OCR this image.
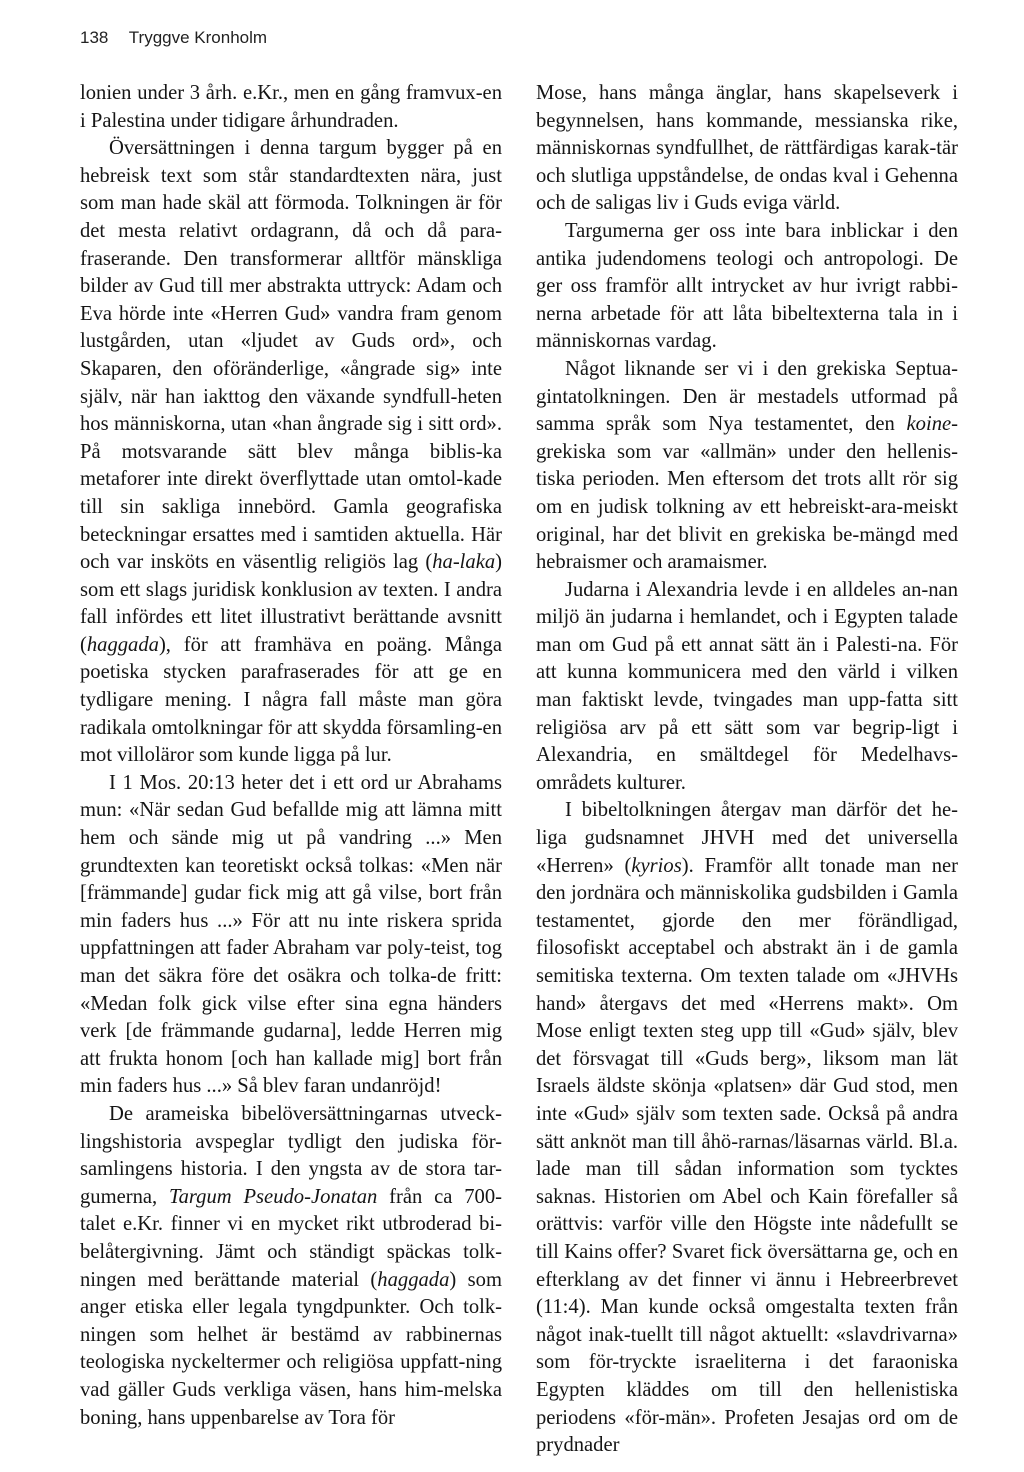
138 Tryggve Kronholm

lonien under 3 årh. e.Kr., men en gång framvux-en i Palestina under tidigare århundraden.

Översättningen i denna targum bygger på en hebreisk text som står standardtexten nära, just som man hade skäl att förmoda. Tolkningen är för det mesta relativt ordagrann, då och då para-fraserande. Den transformerar alltför mänskliga bilder av Gud till mer abstrakta uttryck: Adam och Eva hörde inte «Herren Gud» vandra fram genom lustgården, utan «ljudet av Guds ord», och Skaparen, den oföränderlige, «ångrade sig» inte själv, när han iakttog den växande syndfull-heten hos människorna, utan «han ångrade sig i sitt ord». På motsvarande sätt blev många biblis-ka metaforer inte direkt överflyttade utan omtol-kade till sin sakliga innebörd. Gamla geografiska beteckningar ersattes med i samtiden aktuella. Här och var insköts en väsentlig religiös lag (ha-laka) som ett slags juridisk konklusion av texten. I andra fall infördes ett litet illustrativt berättande avsnitt (haggada), för att framhäva en poäng. Många poetiska stycken parafraserades för att ge en tydligare mening. I några fall måste man göra radikala omtolkningar för att skydda församling-en mot villoläror som kunde ligga på lur.

I 1 Mos. 20:13 heter det i ett ord ur Abrahams mun: «När sedan Gud befallde mig att lämna mitt hem och sände mig ut på vandring ...» Men grundtexten kan teoretiskt också tolkas: «Men när [främmande] gudar fick mig att gå vilse, bort från min faders hus ...» För att nu inte riskera sprida uppfattningen att fader Abraham var poly-teist, tog man det säkra före det osäkra och tolka-de fritt: «Medan folk gick vilse efter sina egna händers verk [de främmande gudarna], ledde Herren mig att frukta honom [och han kallade mig] bort från min faders hus ...» Så blev faran undanröjd!

De arameiska bibelöversättningarnas utveck-lingshistoria avspeglar tydligt den judiska för-samlingens historia. I den yngsta av de stora tar-gumerna, Targum Pseudo-Jonatan från ca 700-talet e.Kr. finner vi en mycket rikt utbroderad bi-belåtergivning. Jämt och ständigt späckas tolk-ningen med berättande material (haggada) som anger etiska eller legala tyngdpunkter. Och tolk-ningen som helhet är bestämd av rabbinernas teologiska nyckeltermer och religiösa uppfatt-ning vad gäller Guds verkliga väsen, hans him-melska boning, hans uppenbarelse av Tora för

Mose, hans många änglar, hans skapelseverk i begynnelsen, hans kommande, messianska rike, människornas syndfullhet, de rättfärdigas karak-tär och slutliga uppståndelse, de ondas kval i Gehenna och de saligas liv i Guds eviga värld.

Targumerna ger oss inte bara inblickar i den antika judendomens teologi och antropologi. De ger oss framför allt intrycket av hur ivrigt rabbi-nerna arbetade för att låta bibeltexterna tala in i människornas vardag.

Något liknande ser vi i den grekiska Septua-gintatolkningen. Den är mestadels utformad på samma språk som Nya testamentet, den koine-grekiska som var «allmän» under den hellenis-tiska perioden. Men eftersom det trots allt rör sig om en judisk tolkning av ett hebreiskt-ara-meiskt original, har det blivit en grekiska be-mängd med hebraismer och aramaismer.

Judarna i Alexandria levde i en alldeles an-nan miljö än judarna i hemlandet, och i Egypten talade man om Gud på ett annat sätt än i Palesti-na. För att kunna kommunicera med den värld i vilken man faktiskt levde, tvingades man upp-fatta sitt religiösa arv på ett sätt som var begrip-ligt i Alexandria, en smältdegel för Medelhavs-områdets kulturer.

I bibeltolkningen återgav man därför det he-liga gudsnamnet JHVH med det universella «Herren» (kyrios). Framför allt tonade man ner den jordnära och människolika gudsbilden i Gamla testamentet, gjorde den mer förändligad, filosofiskt acceptabel och abstrakt än i de gamla semitiska texterna. Om texten talade om «JHVHs hand» återgavs det med «Herrens makt». Om Mose enligt texten steg upp till «Gud» själv, blev det försvagat till «Guds berg», liksom man lät Israels äldste skönja «platsen» där Gud stod, men inte «Gud» själv som texten sade. Också på andra sätt anknöt man till åhö-rarnas/läsarnas värld. Bl.a. lade man till sådan information som tycktes saknas. Historien om Abel och Kain förefaller så orättvis: varför ville den Högste inte nådefullt se till Kains offer? Svaret fick översättarna ge, och en efterklang av det finner vi ännu i Hebreerbrevet (11:4). Man kunde också omgestalta texten från något inak-tuellt till något aktuellt: «slavdrivarna» som för-tryckte israeliterna i det faraoniska Egypten kläddes om till den hellenistiska periodens «för-män». Profeten Jesajas ord om de prydnader
